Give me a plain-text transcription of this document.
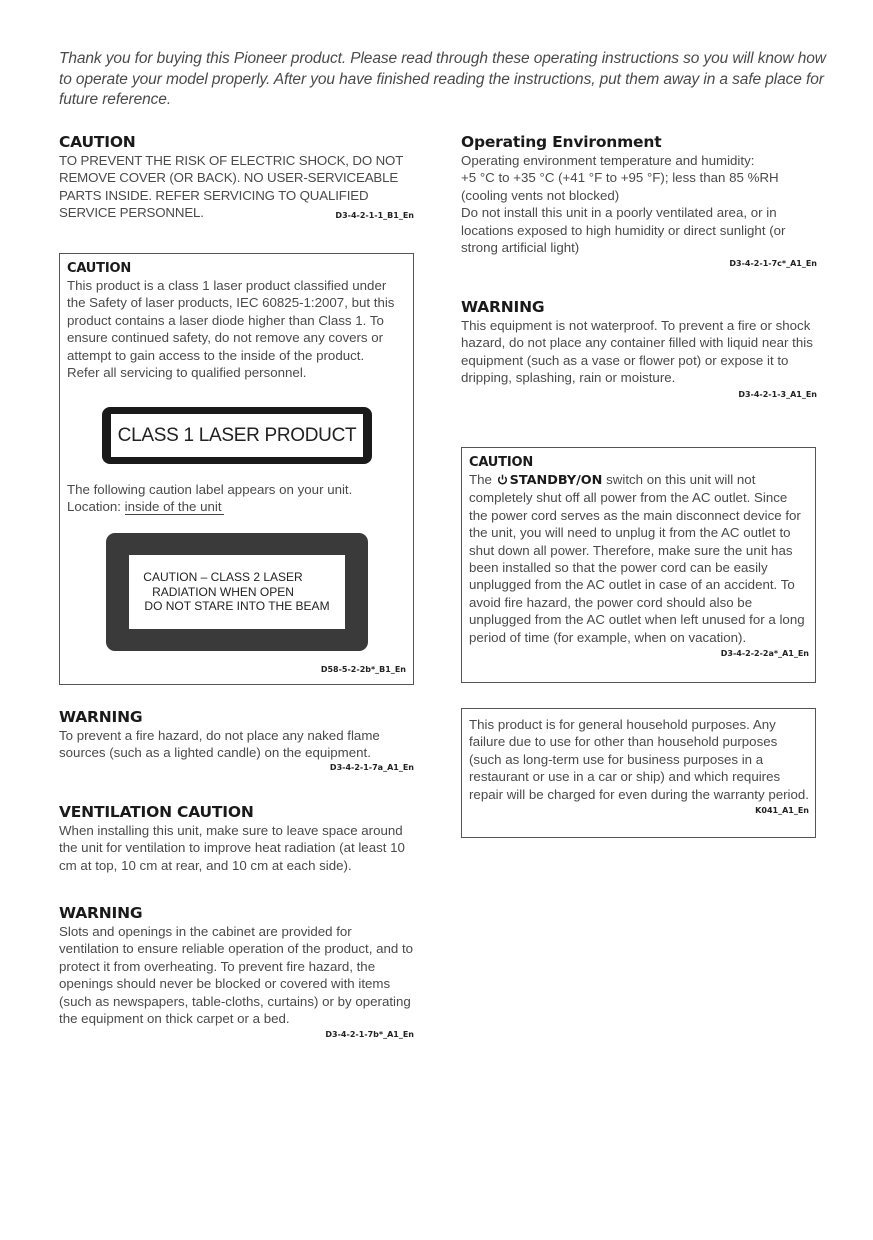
Thank you for buying this Pioneer product. Please read through these operating instructions so you will know how to operate your model properly. After you have finished reading the instructions, put them away in a safe place for future reference.
CAUTION

TO PREVENT THE RISK OF ELECTRIC SHOCK, DO NOT REMOVE COVER (OR BACK). NO USER-SERVICEABLE PARTS INSIDE. REFER SERVICING TO QUALIFIED SERVICE PERSONNEL.	D3-4-2-1-1_B1_En
CAUTION

This product is a class 1 laser product classified under the Safety of laser products, IEC 60825-1:2007, but this product contains a laser diode higher than Class 1. To ensure continued safety, do not remove any covers or attempt to gain access to the inside of the product.

Refer all servicing to qualified personnel.

CLASS 1 LASER PRODUCT

The following caution label appears on your unit.

Location: inside of the unit

CAUTION – CLASS 2 LASER
RADIATION WHEN OPEN
DO NOT STARE INTO THE BEAM
D58-5-2-2b*_B1_En
WARNING

To prevent a fire hazard, do not place any naked flame sources (such as a lighted candle) on the equipment.

D3-4-2-1-7a_A1_En
VENTILATION CAUTION

When installing this unit, make sure to leave space around the unit for ventilation to improve heat radiation (at least 10 cm at top, 10 cm at rear, and 10 cm at each side).

WARNING

Slots and openings in the cabinet are provided for ventilation to ensure reliable operation of the product, and to protect it from overheating. To prevent fire hazard, the openings should never be blocked or covered with items (such as newspapers, table-cloths, curtains) or by operating the equipment on thick carpet or a bed.

D3-4-2-1-7b*_A1_En
Operating Environment

Operating environment temperature and humidity:

+5 °C to +35 °C (+41 °F to +95 °F); less than 85 %RH (cooling vents not blocked)

Do not install this unit in a poorly ventilated area, or in locations exposed to high humidity or direct sunlight (or strong artificial light)

D3-4-2-1-7c*_A1_En
WARNING

This equipment is not waterproof. To prevent a fire or shock hazard, do not place any container filled with liquid near this equipment (such as a vase or flower pot) or expose it to dripping, splashing, rain or moisture.

D3-4-2-1-3_A1_En
CAUTION

The STANDBY/ON switch on this unit will not completely shut off all power from the AC outlet. Since the power cord serves as the main disconnect device for the unit, you will need to unplug it from the AC outlet to shut down all power. Therefore, make sure the unit has been installed so that the power cord can be easily unplugged from the AC outlet in case of an accident. To avoid fire hazard, the power cord should also be unplugged from the AC outlet when left unused for a long period of time (for example, when on vacation).

D3-4-2-2-2a*_A1_En

This product is for general household purposes. Any failure due to use for other than household purposes (such as long-term use for business purposes in a restaurant or use in a car or ship) and which requires repair will be charged for even during the warranty period.

K041_A1_En
